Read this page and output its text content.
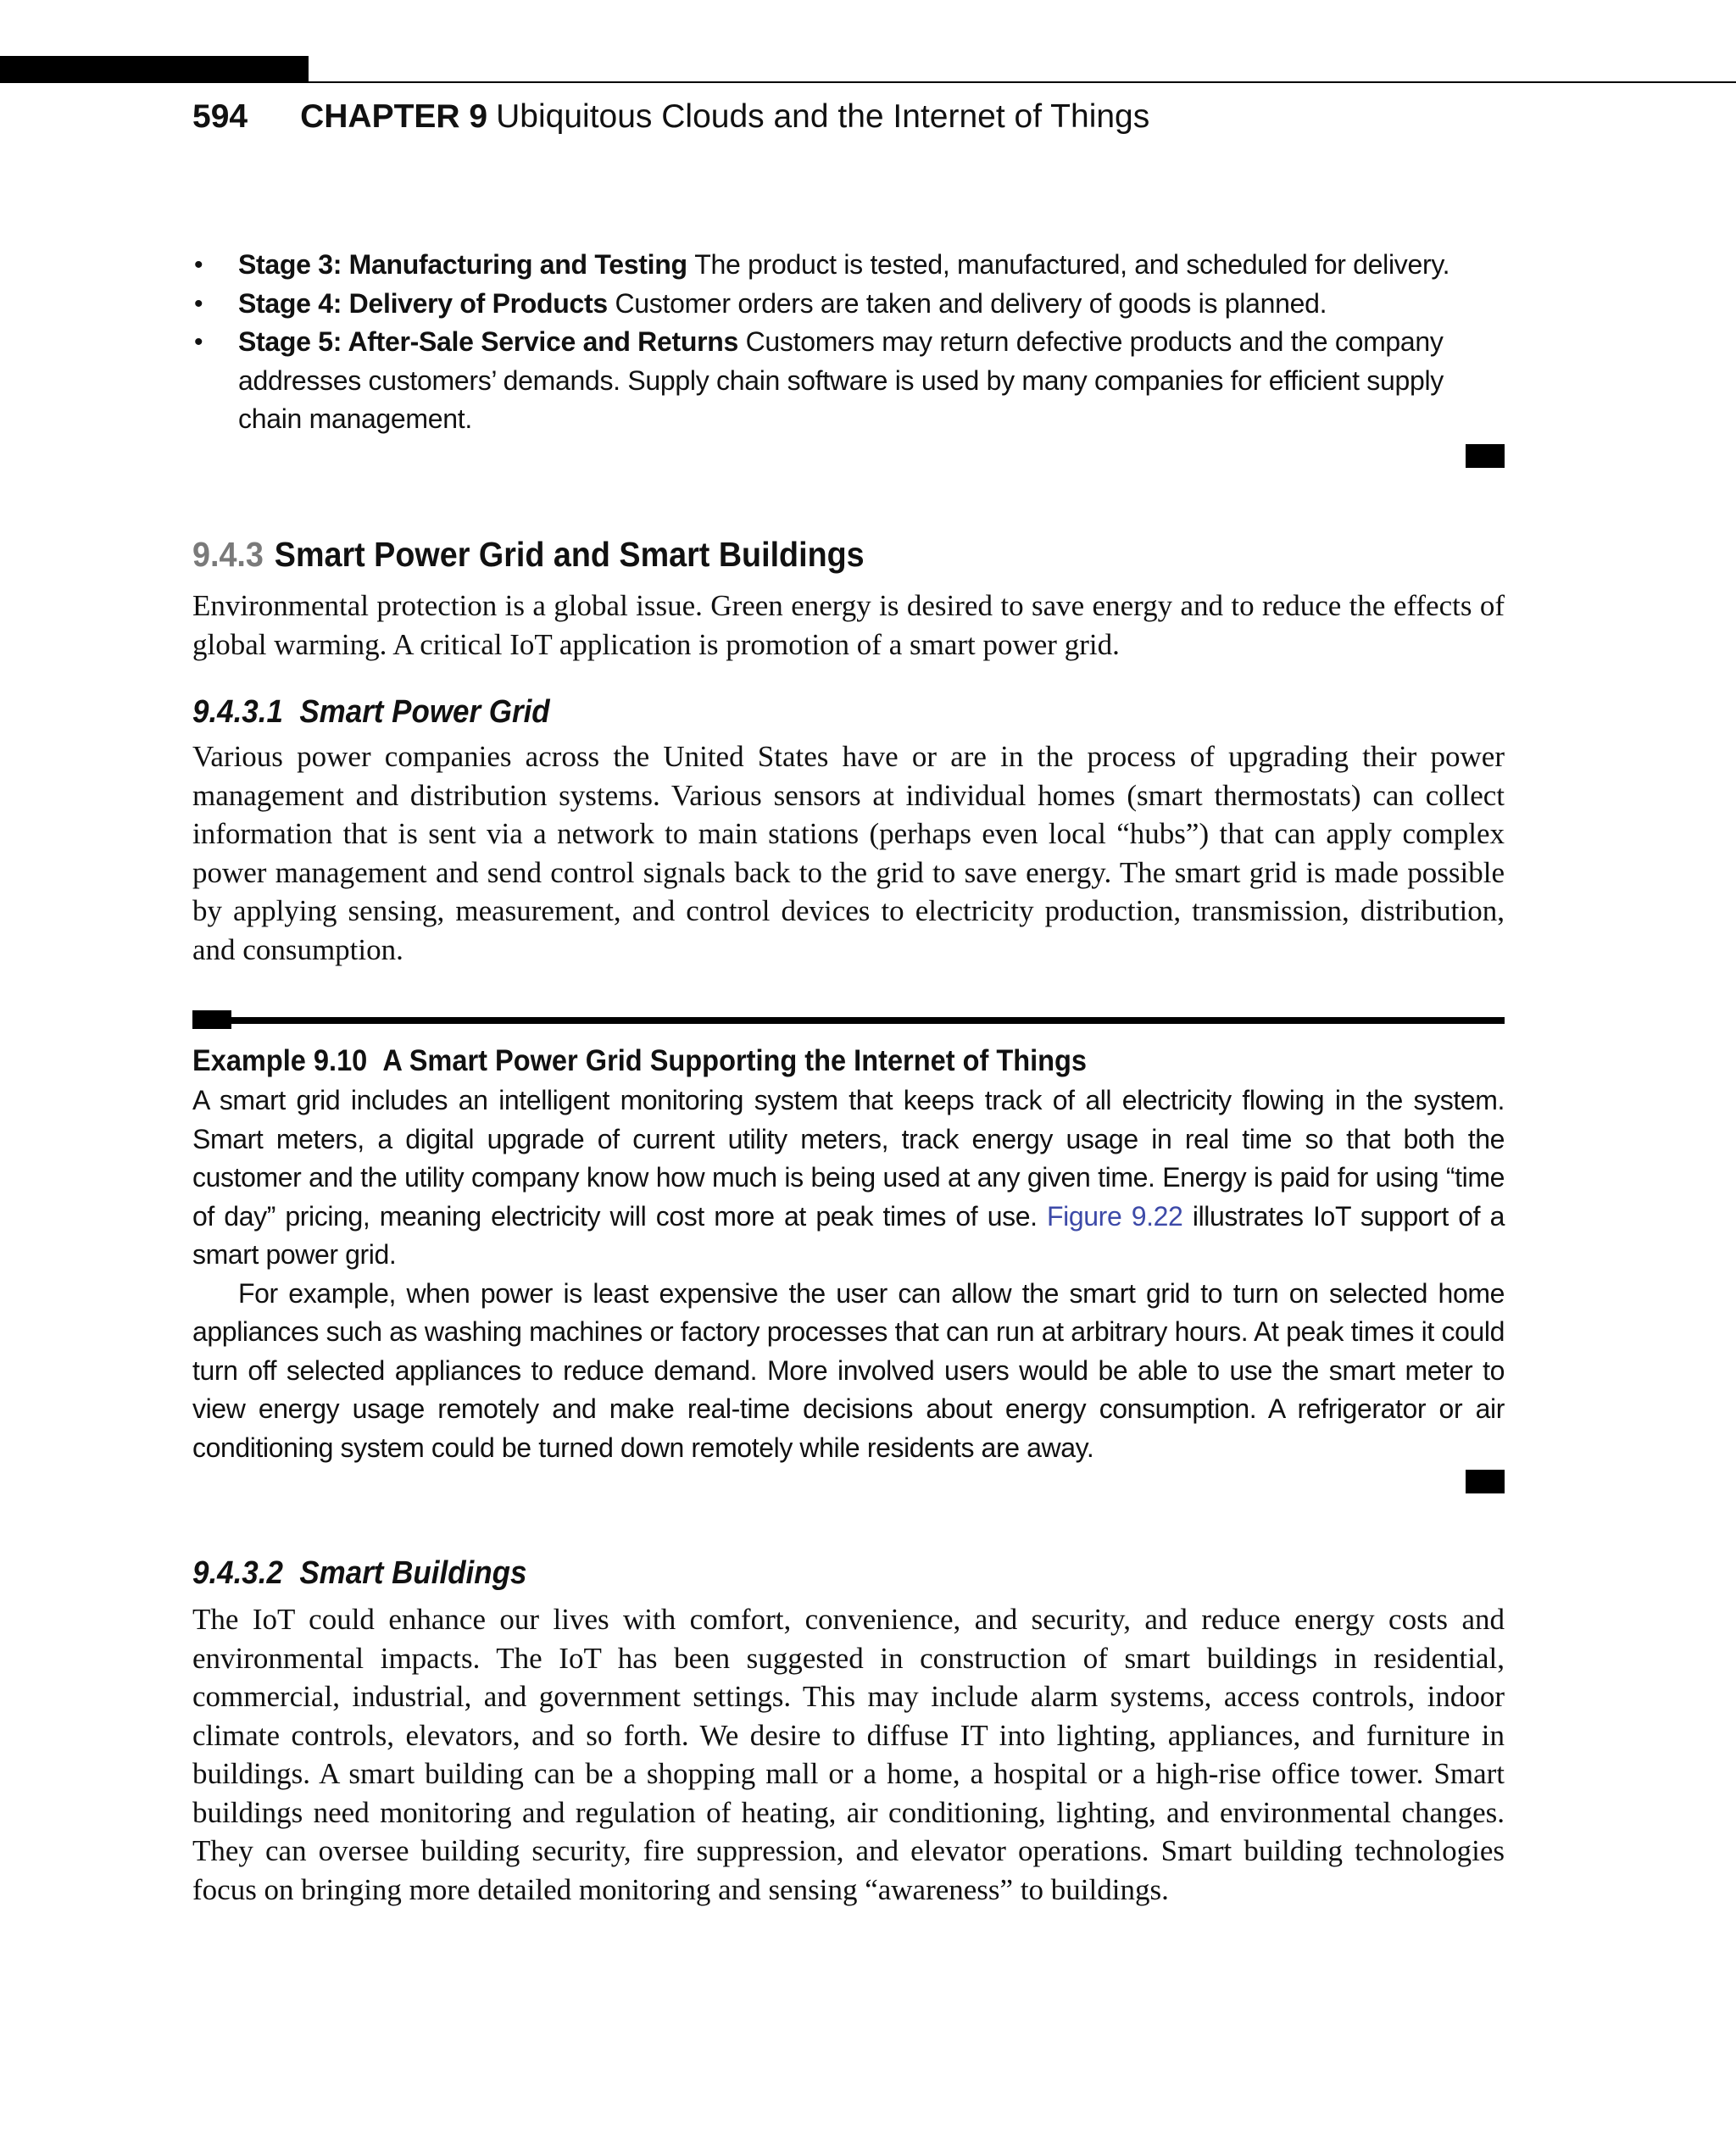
594 CHAPTER 9 Ubiquitous Clouds and the Internet of Things
• Stage 3: Manufacturing and Testing The product is tested, manufactured, and scheduled for delivery.
• Stage 4: Delivery of Products Customer orders are taken and delivery of goods is planned.
• Stage 5: After-Sale Service and Returns Customers may return defective products and the company addresses customers’ demands. Supply chain software is used by many companies for efficient supply chain management.
9.4.3 Smart Power Grid and Smart Buildings

Environmental protection is a global issue. Green energy is desired to save energy and to reduce the effects of global warming. A critical IoT application is promotion of a smart power grid.

9.4.3.1 Smart Power Grid

Various power companies across the United States have or are in the process of upgrading their power management and distribution systems. Various sensors at individual homes (smart thermostats) can collect information that is sent via a network to main stations (perhaps even local “hubs”) that can apply complex power management and send control signals back to the grid to save energy. The smart grid is made possible by applying sensing, measurement, and control devices to electricity production, transmission, distribution, and consumption.

Example 9.10 A Smart Power Grid Supporting the Internet of Things

A smart grid includes an intelligent monitoring system that keeps track of all electricity flowing in the system. Smart meters, a digital upgrade of current utility meters, track energy usage in real time so that both the customer and the utility company know how much is being used at any given time. Energy is paid for using “time of day” pricing, meaning electricity will cost more at peak times of use. Figure 9.22 illustrates IoT support of a smart power grid.

For example, when power is least expensive the user can allow the smart grid to turn on selected home appliances such as washing machines or factory processes that can run at arbitrary hours. At peak times it could turn off selected appliances to reduce demand. More involved users would be able to use the smart meter to view energy usage remotely and make real-time decisions about energy consumption. A refrigerator or air conditioning system could be turned down remotely while residents are away.

9.4.3.2 Smart Buildings

The IoT could enhance our lives with comfort, convenience, and security, and reduce energy costs and environmental impacts. The IoT has been suggested in construction of smart buildings in residential, commercial, industrial, and government settings. This may include alarm systems, access controls, indoor climate controls, elevators, and so forth. We desire to diffuse IT into lighting, appliances, and furniture in buildings. A smart building can be a shopping mall or a home, a hospital or a high-rise office tower. Smart buildings need monitoring and regulation of heating, air conditioning, lighting, and environmental changes. They can oversee building security, fire suppression, and elevator operations. Smart building technologies focus on bringing more detailed monitoring and sensing “awareness” to buildings.
